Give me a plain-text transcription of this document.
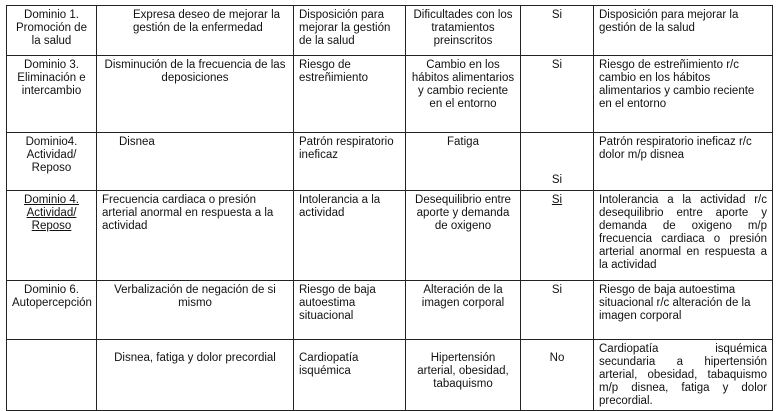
Dominio 1. Promoción de la salud	Expresa deseo de mejorar la gestión de la enfermedad	Disposición para mejorar la gestión de la salud	Dificultades con los tratamientos preinscritos	Si	Disposición para mejorar la gestión de la salud
Dominio 3. Eliminación e intercambio	Disminución de la frecuencia de las deposiciones	Riesgo de estreñimiento	Cambio en los hábitos alimentarios y cambio reciente en el entorno	Si	Riesgo de estreñimiento r/c cambio en los hábitos alimentarios y cambio reciente en el entorno
Dominio4. Actividad/ Reposo	Disnea	Patrón respiratorio ineficaz	Fatiga	Si	Patrón respiratorio ineficaz r/c dolor m/p disnea
Dominio 4. Actividad/ Reposo	Frecuencia cardiaca o presión arterial anormal en respuesta a la actividad	Intolerancia a la actividad	Desequilibrio entre aporte y demanda de oxigeno	Si	Intolerancia a la actividad r/c desequilibrio entre aporte y demanda de oxigeno m/p frecuencia cardiaca o presión arterial anormal en respuesta a la actividad
Dominio 6. Autopercepción	Verbalización de negación de si mismo	Riesgo de baja autoestima situacional	Alteración de la imagen corporal	Si	Riesgo de baja autoestima situacional r/c alteración de la imagen corporal
	Disnea, fatiga y dolor precordial	Cardiopatía isquémica	Hipertensión arterial, obesidad, tabaquismo	No	Cardiopatía isquémica secundaria a hipertensión arterial, obesidad, tabaquismo m/p disnea, fatiga y dolor precordial.
